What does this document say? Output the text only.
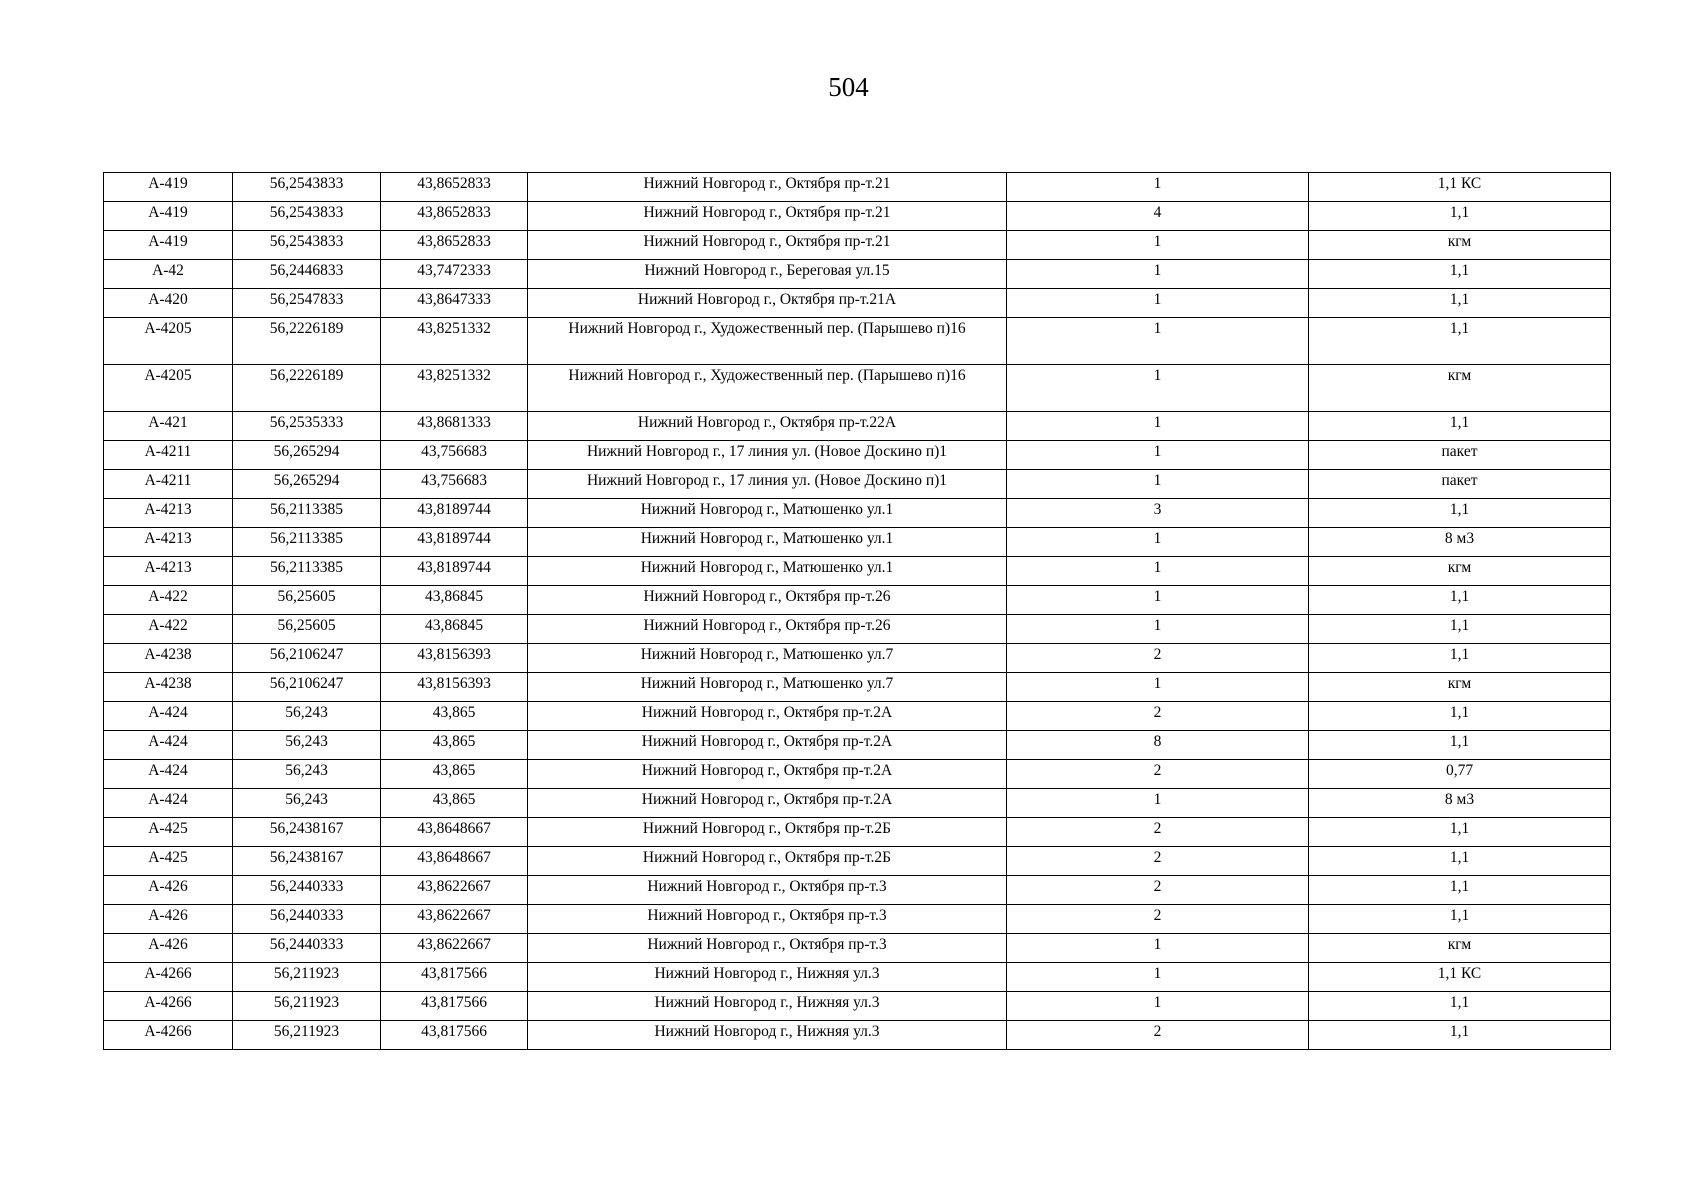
504
А-419	56,2543833	43,8652833	Нижний Новгород г., Октября пр-т.21	1	1,1 КС
А-419	56,2543833	43,8652833	Нижний Новгород г., Октября пр-т.21	4	1,1
А-419	56,2543833	43,8652833	Нижний Новгород г., Октября пр-т.21	1	кгм
А-42	56,2446833	43,7472333	Нижний Новгород г., Береговая ул.15	1	1,1
А-420	56,2547833	43,8647333	Нижний Новгород г., Октября пр-т.21А	1	1,1
А-4205	56,2226189	43,8251332	Нижний Новгород г., Художественный пер. (Парышево п)16	1	1,1
А-4205	56,2226189	43,8251332	Нижний Новгород г., Художественный пер. (Парышево п)16	1	кгм
А-421	56,2535333	43,8681333	Нижний Новгород г., Октября пр-т.22А	1	1,1
А-4211	56,265294	43,756683	Нижний Новгород г., 17 линия ул. (Новое Доскино п)1	1	пакет
А-4211	56,265294	43,756683	Нижний Новгород г., 17 линия ул. (Новое Доскино п)1	1	пакет
А-4213	56,2113385	43,8189744	Нижний Новгород г., Матюшенко ул.1	3	1,1
А-4213	56,2113385	43,8189744	Нижний Новгород г., Матюшенко ул.1	1	8 м3
А-4213	56,2113385	43,8189744	Нижний Новгород г., Матюшенко ул.1	1	кгм
А-422	56,25605	43,86845	Нижний Новгород г., Октября пр-т.26	1	1,1
А-422	56,25605	43,86845	Нижний Новгород г., Октября пр-т.26	1	1,1
А-4238	56,2106247	43,8156393	Нижний Новгород г., Матюшенко ул.7	2	1,1
А-4238	56,2106247	43,8156393	Нижний Новгород г., Матюшенко ул.7	1	кгм
А-424	56,243	43,865	Нижний Новгород г., Октября пр-т.2А	2	1,1
А-424	56,243	43,865	Нижний Новгород г., Октября пр-т.2А	8	1,1
А-424	56,243	43,865	Нижний Новгород г., Октября пр-т.2А	2	0,77
А-424	56,243	43,865	Нижний Новгород г., Октября пр-т.2А	1	8 м3
А-425	56,2438167	43,8648667	Нижний Новгород г., Октября пр-т.2Б	2	1,1
А-425	56,2438167	43,8648667	Нижний Новгород г., Октября пр-т.2Б	2	1,1
А-426	56,2440333	43,8622667	Нижний Новгород г., Октября пр-т.3	2	1,1
А-426	56,2440333	43,8622667	Нижний Новгород г., Октября пр-т.3	2	1,1
А-426	56,2440333	43,8622667	Нижний Новгород г., Октября пр-т.3	1	кгм
А-4266	56,211923	43,817566	Нижний Новгород г., Нижняя ул.3	1	1,1 КС
А-4266	56,211923	43,817566	Нижний Новгород г., Нижняя ул.3	1	1,1
А-4266	56,211923	43,817566	Нижний Новгород г., Нижняя ул.3	2	1,1
